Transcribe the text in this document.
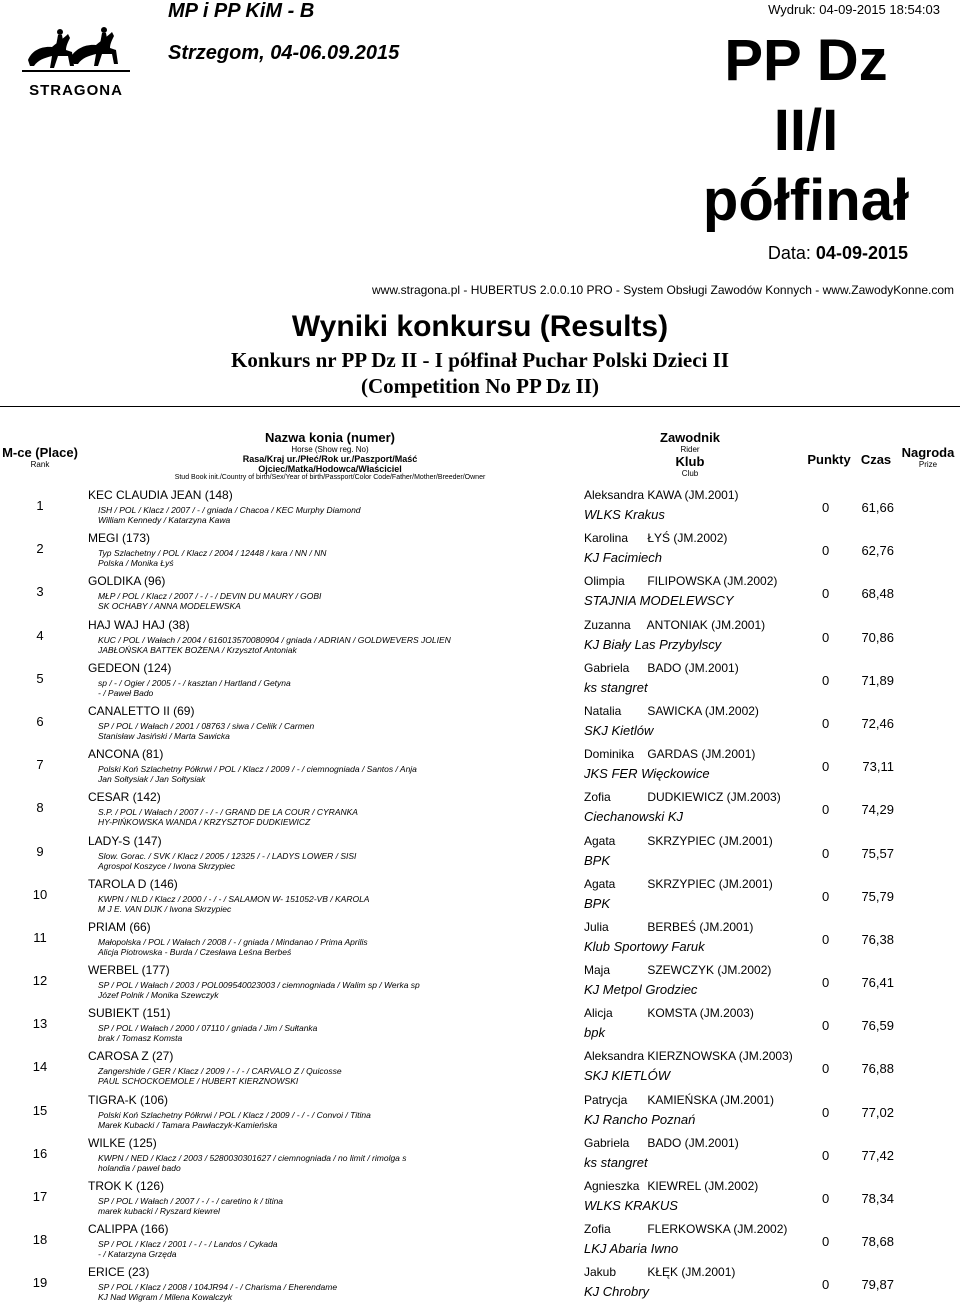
STRAGONA
MP i PP KiM - B
Strzegom, 04-06.09.2015
Wydruk: 04-09-2015 18:54:03
PP Dz
II/I
półfinał
Data: 04-09-2015
www.stragona.pl - HUBERTUS 2.0.0.10 PRO - System Obsługi Zawodów Konnych - www.ZawodyKonne.com
Wyniki konkursu (Results)
Konkurs nr PP Dz II - I półfinał Puchar Polski Dzieci II
(Competition No PP Dz II)
M-ce (Place)
Rank
Nazwa konia (numer)
Horse (Show reg. No)
Rasa/Kraj ur./Płeć/Rok ur./Paszport/Maść
Ojciec/Matka/Hodowca/Właściciel
Stud Book init./Country of birth/Sex/Year of birth/Passport/Color Code/Father/Mother/Breeder/Owner
Zawodnik
Rider
Klub
Club
Punkty Czas Nagroda
Prize
1
KEC CLAUDIA JEAN (148)
ISH / POL / Klacz / 2007 / - / gniada / Chacoa / KEC Murphy Diamond
William Kennedy / Katarzyna Kawa
Aleksandra KAWA (JM.2001)
WLKS Krakus	0	61,66
2
MEGI (173)
Typ Szlachetny / POL / Klacz / 2004 / 12448 / kara / NN / NN
Polska / Monika Łyś
Karolina ŁYŚ (JM.2002)
KJ Facimiech	0	62,76
3
GOLDIKA (96)
MŁP / POL / Klacz / 2007 / - / - / DEVIN DU MAURY / GOBI
SK OCHABY / ANNA MODELEWSKA
Olimpia FILIPOWSKA (JM.2002)
STAJNIA MODELEWSCY	0	68,48
4
HAJ WAJ HAJ (38)
KUC / POL / Wałach / 2004 / 616013570080904 / gniada / ADRIAN / GOLDWEVERS JOLIEN
JABŁOŃSKA BATTEK BOŻENA / Krzysztof Antoniak
Zuzanna ANTONIAK (JM.2001)
KJ Biały Las Przybylscy	0	70,86
5
GEDEON (124)
sp / - / Ogier / 2005 / - / kasztan / Hartland / Getyna
- / Paweł Bado
Gabriela BADO (JM.2001)
ks stangret	0	71,89
6
CANALETTO II (69)
SP / POL / Wałach / 2001 / 08763 / siwa / Celiik / Carmen
Stanisław Jasiński / Marta Sawicka
Natalia SAWICKA (JM.2002)
SKJ Kietlów	0	72,46
7
ANCONA (81)
Polski Koń Szlachetny Półkrwi / POL / Klacz / 2009 / - / ciemnogniada / Santos / Anja
Jan Sołtysiak / Jan Sołtysiak
Dominika GARDAS (JM.2001)
JKS FER Więckowice	0	73,11
8
CESAR (142)
S.P. / POL / Wałach / 2007 / - / - / GRAND DE LA COUR / CYRANKA
HY-PIŃKOWSKA WANDA / KRZYSZTOF DUDKIEWICZ
Zofia	DUDKIEWICZ (JM.2003)
Ciechanowski KJ	0	74,29
9
LADY-S (147)
Slow. Gorac. / SVK / Klacz / 2005 / 12325 / - / LADYS LOWER / SISI
Agrospol Koszyce / Iwona Skrzypiec
Agata	SKRZYPIEC (JM.2001)
BPK	0	75,57
10
TAROLA D (146)
KWPN / NLD / Klacz / 2000 / - / - / SALAMON W- 151052-VB / KAROLA
M J E. VAN DIJK / Iwona Skrzypiec
Agata	SKRZYPIEC (JM.2001)
BPK	0	75,79
11
PRIAM (66)
Małopolska / POL / Wałach / 2008 / - / gniada / Mindanao / Prima Aprilis
Alicja Piotrowska - Burda / Czesława Leśna Berbeś
Julia	BERBEŚ (JM.2001)
Klub Sportowy Faruk	0	76,38
12
WERBEL (177)
SP / POL / Wałach / 2003 / POL009540023003 / ciemnogniada / Walim sp / Werka sp
Józef Polnik / Monika Szewczyk
Maja	SZEWCZYK (JM.2002)
KJ Metpol Grodziec	0	76,41
13
SUBIEKT (151)
SP / POL / Wałach / 2000 / 07110 / gniada / Jim / Sułtanka
brak / Tomasz Komsta
Alicja	KOMSTA (JM.2003)
bpk	0	76,59
14
CAROSA Z (27)
Zangershide / GER / Klacz / 2009 / - / - / CARVALO Z / Quicosse
PAUL SCHOCKOEMOLE / HUBERT KIERZNOWSKI
Aleksandra KIERZNOWSKA (JM.2003)
SKJ KIETLÓW	0	76,88
15
TIGRA-K (106)
Polski Koń Szlachetny Półkrwi / POL / Klacz / 2009 / - / - / Convoi / Titina
Marek Kubacki / Tamara Pawłaczyk-Kamieńska
Patrycja KAMIEŃSKA (JM.2001)
KJ Rancho Poznań	0	77,02
16
WILKE (125)
KWPN / NED / Klacz / 2003 / 5280030301627 / ciemnogniada / no limit / rimolga s
holandia / pawel bado
Gabriela BADO (JM.2001)
ks stangret	0	77,42
17
TROK K (126)
SP / POL / Wałach / 2007 / - / - / caretino k / titina
marek kubacki / Ryszard kiewrel
Agnieszka KIEWREL (JM.2002)
WLKS KRAKUS	0	78,34
18
CALIPPA (166)
SP / POL / Klacz / 2001 / - / - / Landos / Cykada
- / Katarzyna Grzęda
Zofia	FLERKOWSKA (JM.2002)
LKJ Abaria Iwno	0	78,68
19
ERICE (23)
SP / POL / Klacz / 2008 / 104JR94 / - / Charisma / Eherendame
KJ Nad Wigram / Milena Kowalczyk
Jakub	KŁĘK (JM.2001)
KJ Chrobry	0	79,87
